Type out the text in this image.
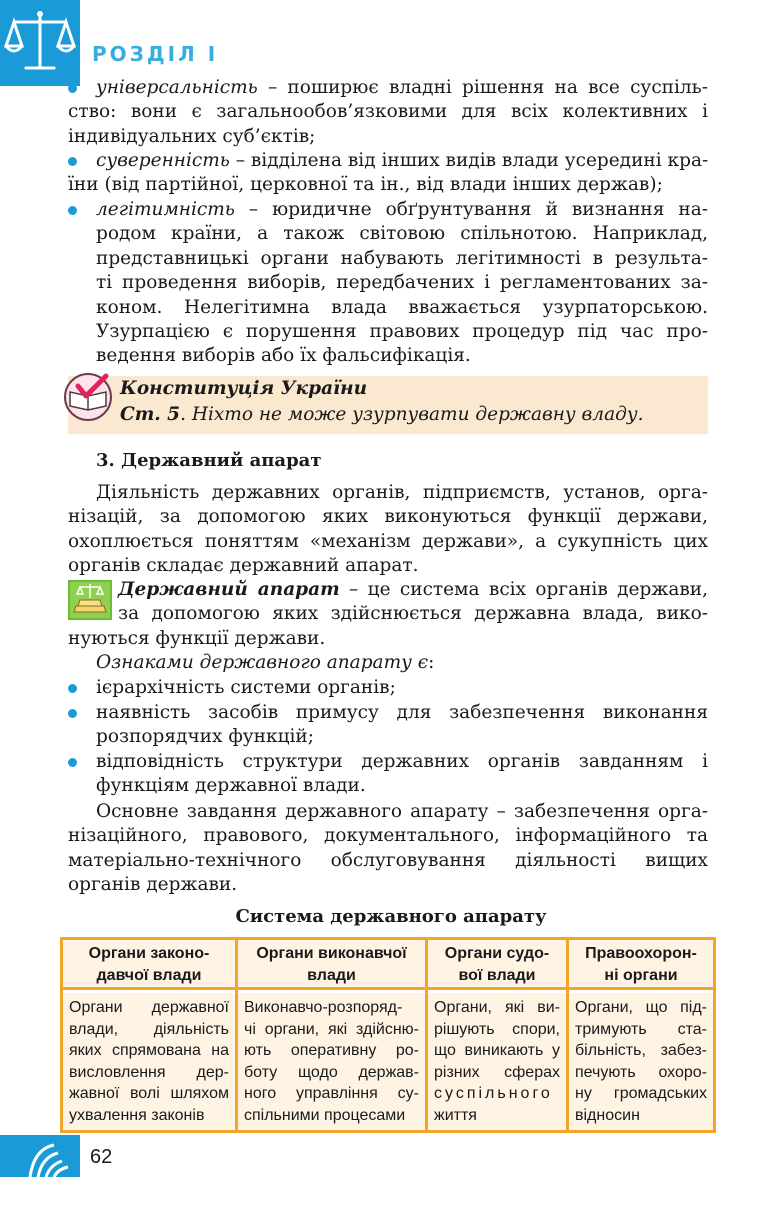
РОЗДІЛ І
універсальність – поширює владні рішення на все суспіль-
ство: вони є загальнообов’язковими для всіх колективних і
індивідуальних суб’єктів;
суверенність – відділена від інших видів влади усередині кра-
їни (від партійної, церковної та ін., від влади інших держав);
легітимність – юридичне обґрунтування й визнання на-
родом країни, а також світовою спільнотою. Наприклад,
представницькі органи набувають легітимності в результа-
ті проведення виборів, передбачених і регламентованих за-
коном. Нелегітимна влада вважається узурпаторською.
Узурпацією є порушення правових процедур під час про-
ведення виборів або їх фальсифікація.
Конституція України
Ст. 5. Ніхто не може узурпувати державну владу.
3. Державний апарат
Діяльність державних органів, підприємств, установ, орга-
нізацій, за допомогою яких виконуються функції держави,
охоплюється поняттям «механізм держави», а сукупність цих
органів складає державний апарат.
Державний апарат – це система всіх органів держави,
за допомогою яких здійснюється державна влада, вико-
нуються функції держави.
Ознаками державного апарату є:
ієрархічність системи органів;
наявність засобів примусу для забезпечення виконання
розпорядчих функцій;
відповідність структури державних органів завданням і
функціям державної влади.
Основне завдання державного апарату – забезпечення орга-
нізаційного, правового, документального, інформаційного та
матеріально-технічного обслуговування діяльності вищих
органів держави.
Система державного апарату
Органи законо-
давчої влади
Органи державної
влади, діяльність
яких спрямована на
висловлення дер-
жавної волі шляхом
ухвалення законів
Органи виконавчої
влади
Виконавчо-розпоряд-
чі органи, які здійсню-
ють оперативну ро-
боту щодо держав-
ного управління су-
спільними процесами
Органи судо-
вої влади
Органи, які ви-
рішують спори,
що виникають у
різних сферах
суспільного
життя
Правоохорон-
ні органи
Органи, що під-
тримують ста-
більність, забез-
печують охоро-
ну громадських
відносин
62
